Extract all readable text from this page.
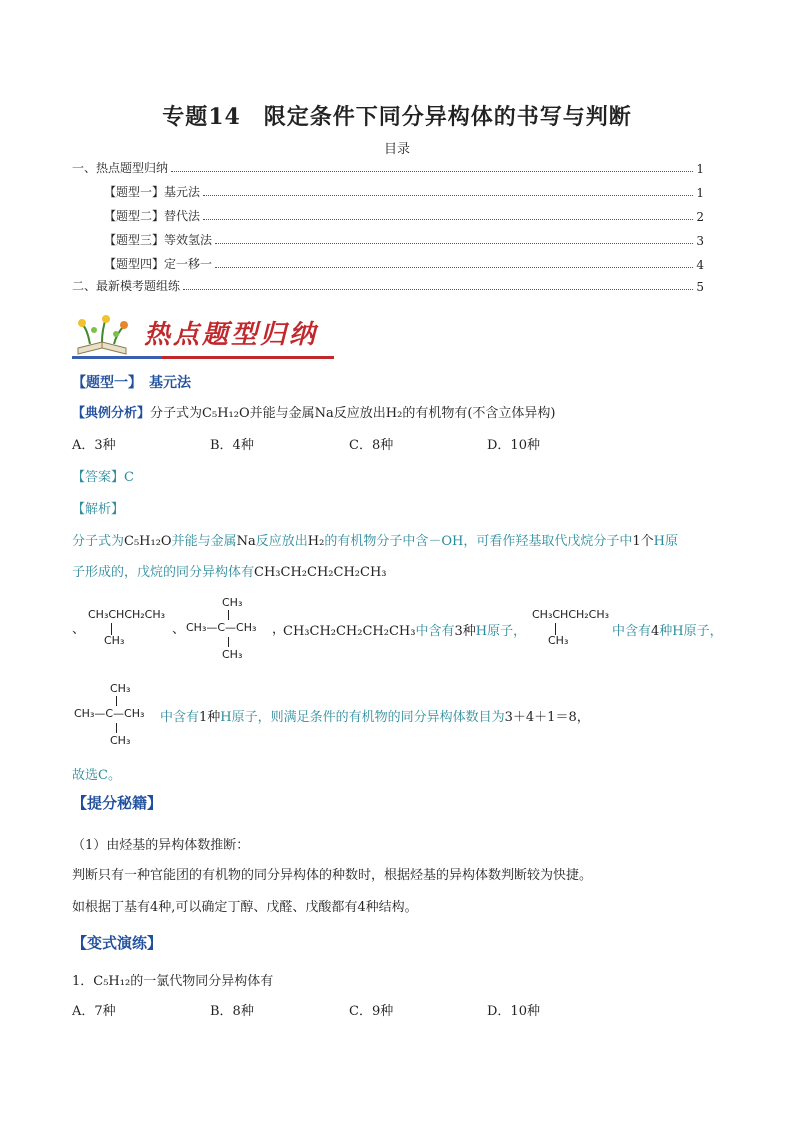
专题14　限定条件下同分异构体的书写与判断
目录
一、热点题型归纳	1
【题型一】基元法	1
【题型二】替代法	2
【题型三】等效氢法	3
【题型四】定一移一	4
二、最新模考题组练	5
热点题型归纳
【题型一】　基元法
【典例分析】分子式为C₅H₁₂O并能与金属Na反应放出H₂的有机物有(不含立体异构)
A．3种	B．4种	C．8种	D．10种
【答案】C
【解析】
分子式为C₅H₁₂O并能与金属Na反应放出H₂的有机物分子中含－OH，可看作羟基取代戊烷分子中1个H原
子形成的，戊烷的同分异构体有CH₃CH₂CH₂CH₂CH₃
、
CH₃CHCH₂CH₃
CH₃
、
CH₃
CH₃—C—CH₃
CH₃
，
CH₃CH₂CH₂CH₂CH₃中含有3种H原子，
CH₃CHCH₂CH₃
CH₃
中含有4种H原子，
CH₃
CH₃—C—CH₃
CH₃
中含有1种H原子，则满足条件的有机物的同分异构体数目为3＋4＋1＝8，
故选C。
【提分秘籍】
（1）由烃基的异构体数推断：
判断只有一种官能团的有机物的同分异构体的种数时，根据烃基的异构体数判断较为快捷。
如根据丁基有4种,可以确定丁醇、戊醛、戊酸都有4种结构。
【变式演练】
1．C₅H₁₂的一氯代物同分异构体有
A．7种	B．8种	C．9种	D．10种
